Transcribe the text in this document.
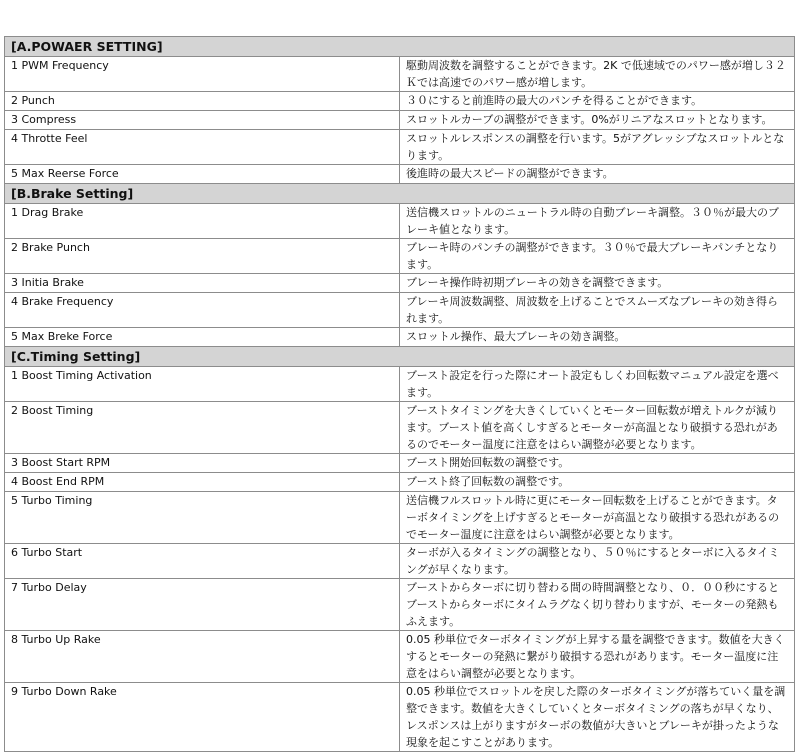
[A.POWAER SETTING]	
1 PWM Frequency	駆動周波数を調整することができます。2K で低速域でのパワー感が増し３２Ｋでは高速でのパワー感が増します。
2 Punch	３０にすると前進時の最大のパンチを得ることができます。
3 Compress	スロットルカーブの調整ができます。0%がリニアなスロットとなります。
4 Throtte Feel	スロットルレスポンスの調整を行います。5がアグレッシブなスロットルとなります。
5 Max Reerse Force	後進時の最大スピードの調整ができます。
[B.Brake Setting]	
1 Drag Brake	送信機スロットルのニュートラル時の自動ブレーキ調整。３０％が最大のブレーキ値となります。
2 Brake Punch	ブレーキ時のパンチの調整ができます。３０％で最大ブレーキパンチとなります。
3 Initia Brake	ブレーキ操作時初期ブレーキの効きを調整できます。
4 Brake Frequency	ブレーキ周波数調整、周波数を上げることでスムーズなブレーキの効き得られます。
5 Max Breke Force	スロットル操作、最大ブレーキの効き調整。
[C.Timing Setting]	
1 Boost Timing Activation	ブースト設定を行った際にオート設定もしくわ回転数マニュアル設定を選べます。
2 Boost Timing	ブーストタイミングを大きくしていくとモーター回転数が増えトルクが減ります。ブースト値を高くしすぎるとモーターが高温となり破損する恐れがあるのでモーター温度に注意をはらい調整が必要となります。
3 Boost Start RPM	ブースト開始回転数の調整です。
4 Boost End RPM	ブースト終了回転数の調整です。
5 Turbo Timing	送信機フルスロットル時に更にモーター回転数を上げることができます。ターボタイミングを上げすぎるとモーターが高温となり破損する恐れがあるのでモーター温度に注意をはらい調整が必要となります。
6 Turbo Start	ターボが入るタイミングの調整となり、５０％にするとターボに入るタイミングが早くなります。
7 Turbo Delay	ブーストからターボに切り替わる間の時間調整となり、０．００秒にするとブーストからターボにタイムラグなく切り替わりますが、モーターの発熱もふえます。
8 Turbo Up Rake	0.05 秒単位でターボタイミングが上昇する量を調整できます。数値を大きくするとモーターの発熱に繋がり破損する恐れがあります。モーター温度に注意をはらい調整が必要となります。
9 Turbo Down Rake	0.05 秒単位でスロットルを戻した際のターボタイミングが落ちていく量を調整できます。数値を大きくしていくとターボタイミングの落ちが早くなり、レスポンスは上がりますがターボの数値が大きいとブレーキが掛ったような現象を起こすことがあります。
